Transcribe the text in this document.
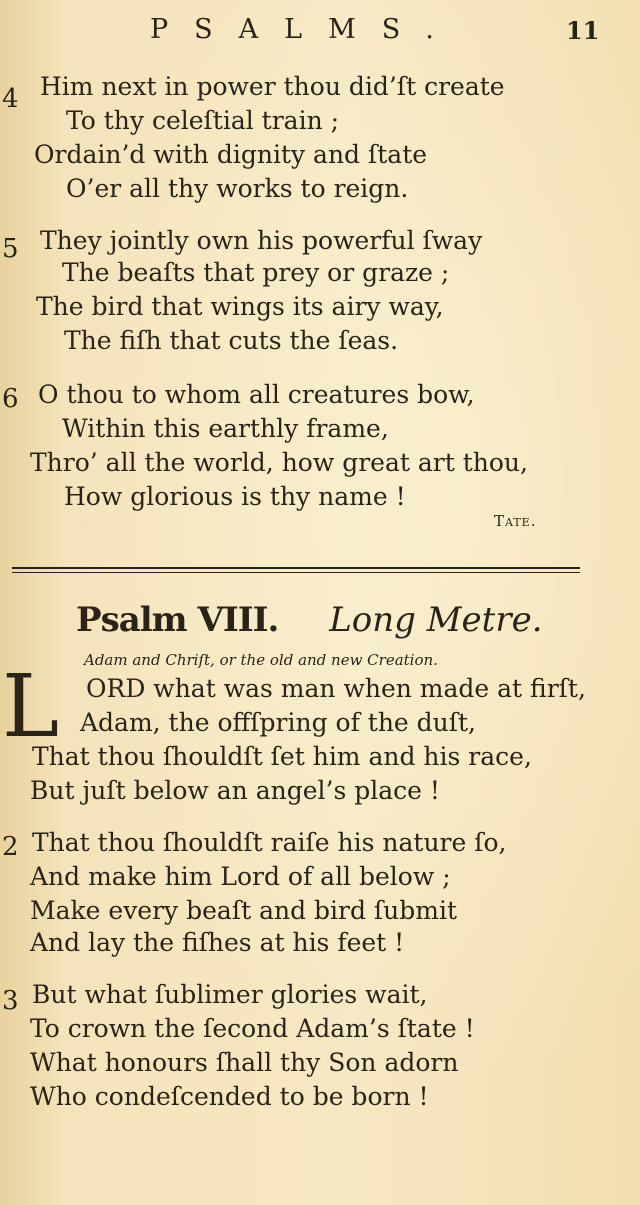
PSALMS.	11
4 Him next in power thou did’ſt create
To thy celeſtial train ;
Ordain’d with dignity and ſtate
O’er all thy works to reign.
5 They jointly own his powerful ſway
The beaſts that prey or graze ;
The bird that wings its airy way,
The fiſh that cuts the ſeas.
6 O thou to whom all creatures bow,
Within this earthly frame,
Thro’ all the world, how great art thou,
How glorious is thy name !
Tate.
Psalm VIII. Long Metre.
Adam and Chriſt, or the old and new Creation.
L ORD what was man when made at firſt,
Adam, the offſpring of the duſt,
That thou ſhouldſt ſet him and his race,
But juſt below an angel’s place !
2 That thou ſhouldſt raiſe his nature ſo,
And make him Lord of all below ;
Make every beaſt and bird ſubmit
And lay the fiſhes at his feet !
3 But what ſublimer glories wait,
To crown the ſecond Adam’s ſtate !
What honours ſhall thy Son adorn
Who condeſcended to be born !
